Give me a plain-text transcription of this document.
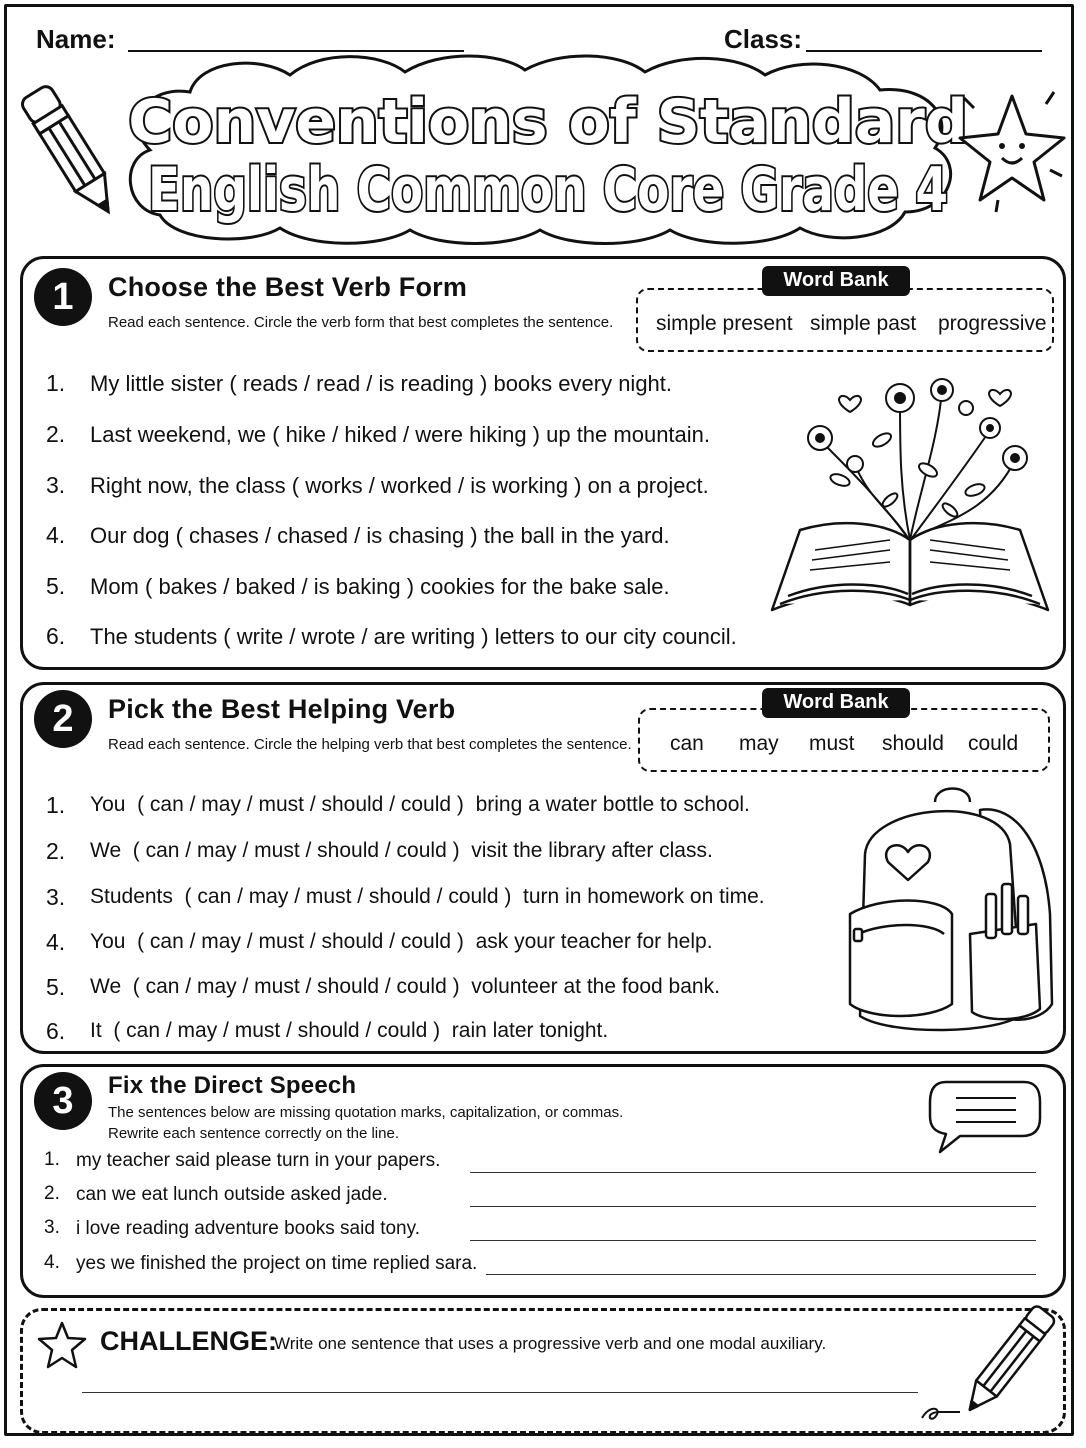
Name:	Class:
Conventions of Standard
English Common Core Grade 4
1	Choose the Best Verb Form
Read each sentence. Circle the verb form that best completes the sentence.
Word Bank
simple present simple past progressive
1. My little sister ( reads / read / is reading ) books every night.
2. Last weekend, we ( hike / hiked / were hiking ) up the mountain.
3. Right now, the class ( works / worked / is working ) on a project.
4. Our dog ( chases / chased / is chasing ) the ball in the yard.
5. Mom ( bakes / baked / is baking ) cookies for the bake sale.
6. The students ( write / wrote / are writing ) letters to our city council.
2	Pick the Best Helping Verb
Read each sentence. Circle the helping verb that best completes the sentence.
Word Bank
can may must should could
1. You  ( can / may / must / should / could )  bring a water bottle to school.
2. We  ( can / may / must / should / could )  visit the library after class.
3. Students  ( can / may / must / should / could )  turn in homework on time.
4. You  ( can / may / must / should / could )  ask your teacher for help.
5. We  ( can / may / must / should / could )  volunteer at the food bank.
6. It  ( can / may / must / should / could )  rain later tonight.
3	Fix the Direct Speech
The sentences below are missing quotation marks, capitalization, or commas.
Rewrite each sentence correctly on the line.
1. my teacher said please turn in your papers.
2. can we eat lunch outside asked jade.
3. i love reading adventure books said tony.
4. yes we finished the project on time replied sara.
CHALLENGE:
Write one sentence that uses a progressive verb and one modal auxiliary.
